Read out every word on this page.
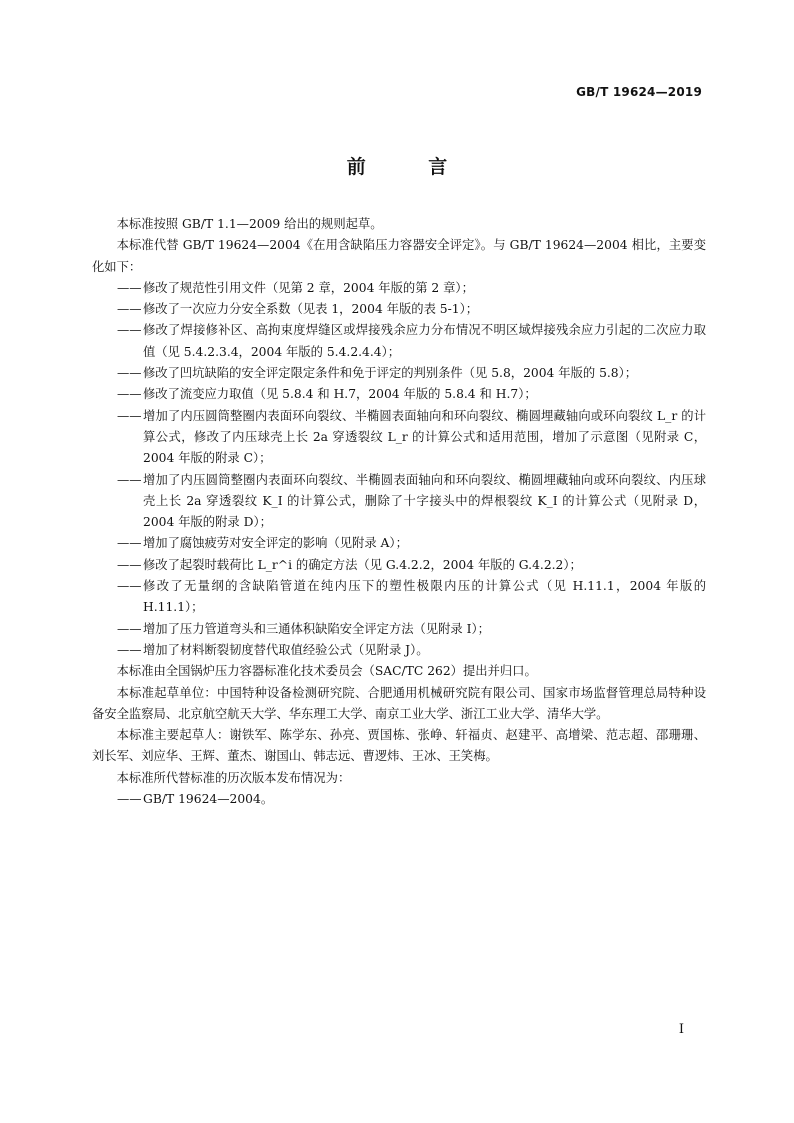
GB/T 19624—2019
前 言

本标准按照 GB/T 1.1—2009 给出的规则起草。

本标准代替 GB/T 19624—2004《在用含缺陷压力容器安全评定》。与 GB/T 19624—2004 相比，主要变化如下：

—— 修改了规范性引用文件（见第 2 章，2004 年版的第 2 章）；
—— 修改了一次应力分安全系数（见表 1，2004 年版的表 5-1）；
—— 修改了焊接修补区、高拘束度焊缝区或焊接残余应力分布情况不明区域焊接残余应力引起的二次应力取值（见 5.4.2.3.4，2004 年版的 5.4.2.4.4）；
—— 修改了凹坑缺陷的安全评定限定条件和免于评定的判别条件（见 5.8，2004 年版的 5.8）；
—— 修改了流变应力取值（见 5.8.4 和 H.7，2004 年版的 5.8.4 和 H.7）；
—— 增加了内压圆筒整圈内表面环向裂纹、半椭圆表面轴向和环向裂纹、椭圆埋藏轴向或环向裂纹 L_r 的计算公式，修改了内压球壳上长 2a 穿透裂纹 L_r 的计算公式和适用范围，增加了示意图（见附录 C，2004 年版的附录 C）；
—— 增加了内压圆筒整圈内表面环向裂纹、半椭圆表面轴向和环向裂纹、椭圆埋藏轴向或环向裂纹、内压球壳上长 2a 穿透裂纹 K_I 的计算公式，删除了十字接头中的焊根裂纹 K_I 的计算公式（见附录 D，2004 年版的附录 D）；
—— 增加了腐蚀疲劳对安全评定的影响（见附录 A）；
—— 修改了起裂时载荷比 L_r^i 的确定方法（见 G.4.2.2，2004 年版的 G.4.2.2）；
—— 修改了无量纲的含缺陷管道在纯内压下的塑性极限内压的计算公式（见 H.11.1，2004 年版的 H.11.1）；
—— 增加了压力管道弯头和三通体积缺陷安全评定方法（见附录 I）；
—— 增加了材料断裂韧度替代取值经验公式（见附录 J）。

本标准由全国锅炉压力容器标准化技术委员会（SAC/TC 262）提出并归口。

本标准起草单位：中国特种设备检测研究院、合肥通用机械研究院有限公司、国家市场监督管理总局特种设备安全监察局、北京航空航天大学、华东理工大学、南京工业大学、浙江工业大学、清华大学。

本标准主要起草人：谢铁军、陈学东、孙亮、贾国栋、张峥、轩福贞、赵建平、高增梁、范志超、邵珊珊、刘长军、刘应华、王辉、董杰、谢国山、韩志远、曹逻炜、王冰、王笑梅。

本标准所代替标准的历次版本发布情况为：

—— GB/T 19624—2004。
I
